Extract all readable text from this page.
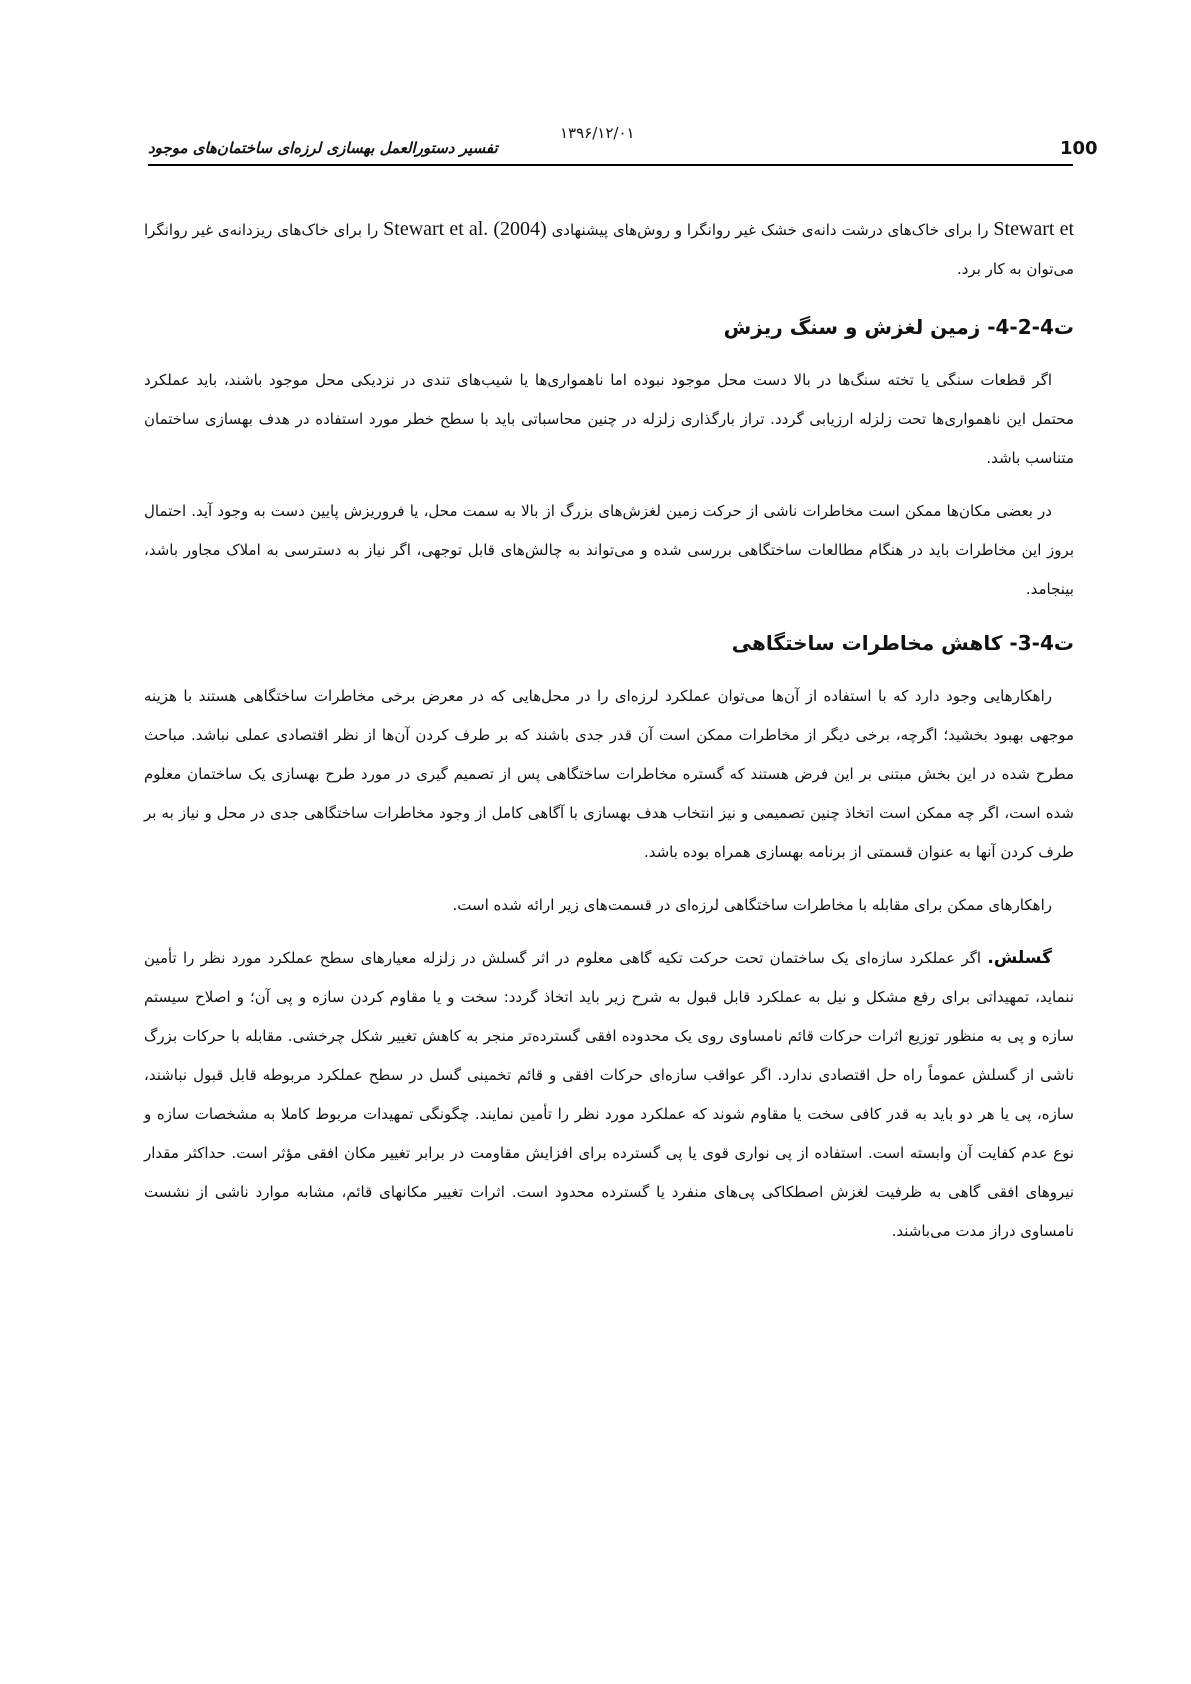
100
۱۳۹۶/۱۲/۰۱
تفسیر دستورالعمل بهسازی لرزه‌ای ساختمان‌های موجود

Stewart et را برای خاک‌های درشت دانه‌ی خشک غیر روانگرا و روش‌های پیشنهادی Stewart et al. (2004) را برای خاک‌های ریزدانه‌ی غیر روانگرا می‌توان به کار برد.

ت4-2-4- زمین لغزش و سنگ ریزش

اگر قطعات سنگی یا تخته سنگ‌ها در بالا دست محل موجود نبوده اما ناهمواری‌ها یا شیب‌های تندی در نزدیکی محل موجود باشند، باید عملکرد محتمل این ناهمواری‌ها تحت زلزله ارزیابی گردد. تراز بارگذاری زلزله در چنین محاسباتی باید با سطح خطر مورد استفاده در هدف بهسازی ساختمان متناسب باشد.

در بعضی مکان‌ها ممکن است مخاطرات ناشی از حرکت زمین لغزش‌های بزرگ از بالا به سمت محل، یا فروریزش پایین دست به وجود آید. احتمال بروز این مخاطرات باید در هنگام مطالعات ساختگاهی بررسی شده و می‌تواند به چالش‌های قابل توجهی، اگر نیاز به دسترسی به املاک مجاور باشد، بینجامد.

ت4-3- کاهش مخاطرات ساختگاهی

راهکارهایی وجود دارد که با استفاده از آن‌ها می‌توان عملکرد لرزه‌ای را در محل‌هایی که در معرض برخی مخاطرات ساختگاهی هستند با هزینه موجهی بهبود بخشید؛ اگرچه، برخی دیگر از مخاطرات ممکن است آن قدر جدی باشند که بر طرف کردن آن‌ها از نظر اقتصادی عملی نباشد. مباحث مطرح شده در این بخش مبتنی بر این فرض هستند که گستره مخاطرات ساختگاهی پس از تصمیم گیری در مورد طرح بهسازی یک ساختمان معلوم شده است، اگر چه ممکن است اتخاذ چنین تصمیمی و نیز انتخاب هدف بهسازی با آگاهی کامل از وجود مخاطرات ساختگاهی جدی در محل و نیاز به بر طرف کردن آنها به عنوان قسمتی از برنامه بهسازی همراه بوده باشد.

راهکارهای ممکن برای مقابله با مخاطرات ساختگاهی لرزه‌ای در قسمت‌های زیر ارائه شده است.

گسلش. اگر عملکرد سازه‌ای یک ساختمان تحت حرکت تکیه گاهی معلوم در اثر گسلش در زلزله معیارهای سطح عملکرد مورد نظر را تأمین ننماید، تمهیداتی برای رفع مشکل و نیل به عملکرد قابل قبول به شرح زیر باید اتخاذ گردد: سخت و یا مقاوم کردن سازه و پی آن؛ و اصلاح سیستم سازه و پی به منظور توزیع اثرات حرکات قائم نامساوی روی یک محدوده افقی گسترده‌تر منجر به کاهش تغییر شکل چرخشی. مقابله با حرکات بزرگ ناشی از گسلش عموماً راه حل اقتصادی ندارد. اگر عواقب سازه‌ای حرکات افقی و قائم تخمینی گسل در سطح عملکرد مربوطه قابل قبول نباشند، سازه، پی یا هر دو باید به قدر کافی سخت یا مقاوم شوند که عملکرد مورد نظر را تأمین نمایند. چگونگی تمهیدات مربوط کاملا به مشخصات سازه و نوع عدم کفایت آن وابسته است. استفاده از پی نواری قوی یا پی گسترده برای افزایش مقاومت در برابر تغییر مکان افقی مؤثر است. حداکثر مقدار نیروهای افقی گاهی به ظرفیت لغزش اصطکاکی پی‌های منفرد یا گسترده محدود است. اثرات تغییر مکانهای قائم، مشابه موارد ناشی از نشست نامساوی دراز مدت می‌باشند.
